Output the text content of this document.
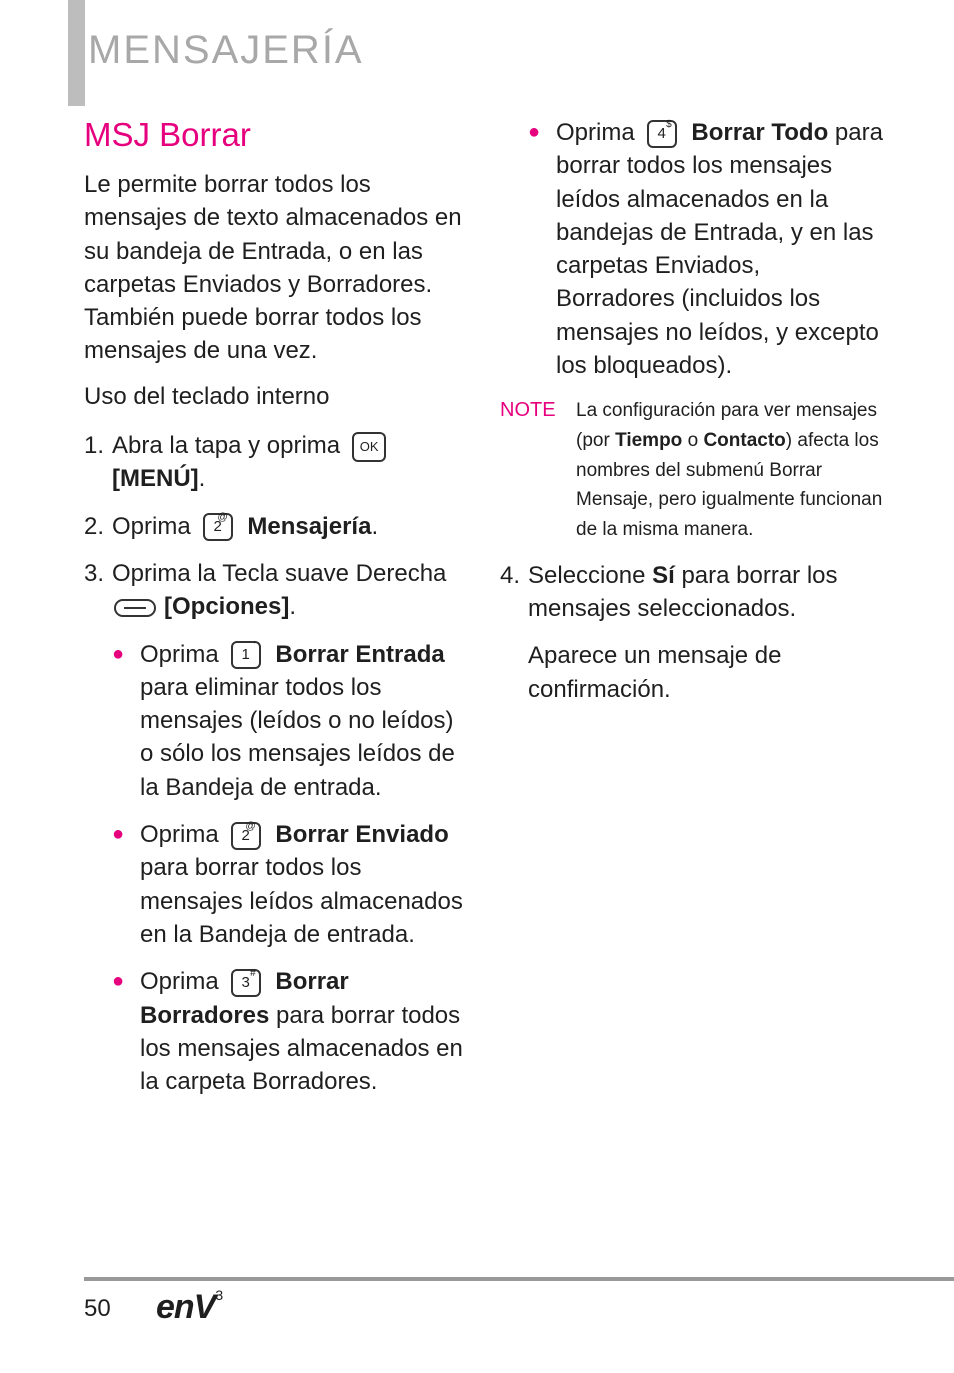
MENSAJERÍA
MSJ Borrar

Le permite borrar todos los mensajes de texto almacenados en su bandeja de Entrada, o en las carpetas Enviados y Borradores. También puede borrar todos los mensajes de una vez.

Uso del teclado interno

1. Abra la tapa y oprima OK [MENÚ].
2. Oprima 2
@ Mensajería.
3. Oprima la Tecla suave Derecha
[Opciones].
● Oprima 1
' Borrar Entrada para eliminar todos los mensajes (leídos o no leídos) o sólo los mensajes leídos de la Bandeja de entrada.
● Oprima 2
@ Borrar Enviado para borrar todos los mensajes leídos almacenados en la Bandeja de entrada.
● Oprima 3
# Borrar Borradores para borrar todos los mensajes almacenados en la carpeta Borradores.
● Oprima 4
$ Borrar Todo para borrar todos los mensajes leídos almacenados en la bandejas de Entrada, y en las carpetas Enviados, Borradores (incluidos los mensajes no leídos, y excepto los bloqueados).
NOTE	La configuración para ver mensajes (por Tiempo o Contacto) afecta los nombres del submenú Borrar Mensaje, pero igualmente funcionan de la misma manera.
4. Seleccione Sí para borrar los mensajes seleccionados.

Aparece un mensaje de confirmación.

50 enV$^3$
